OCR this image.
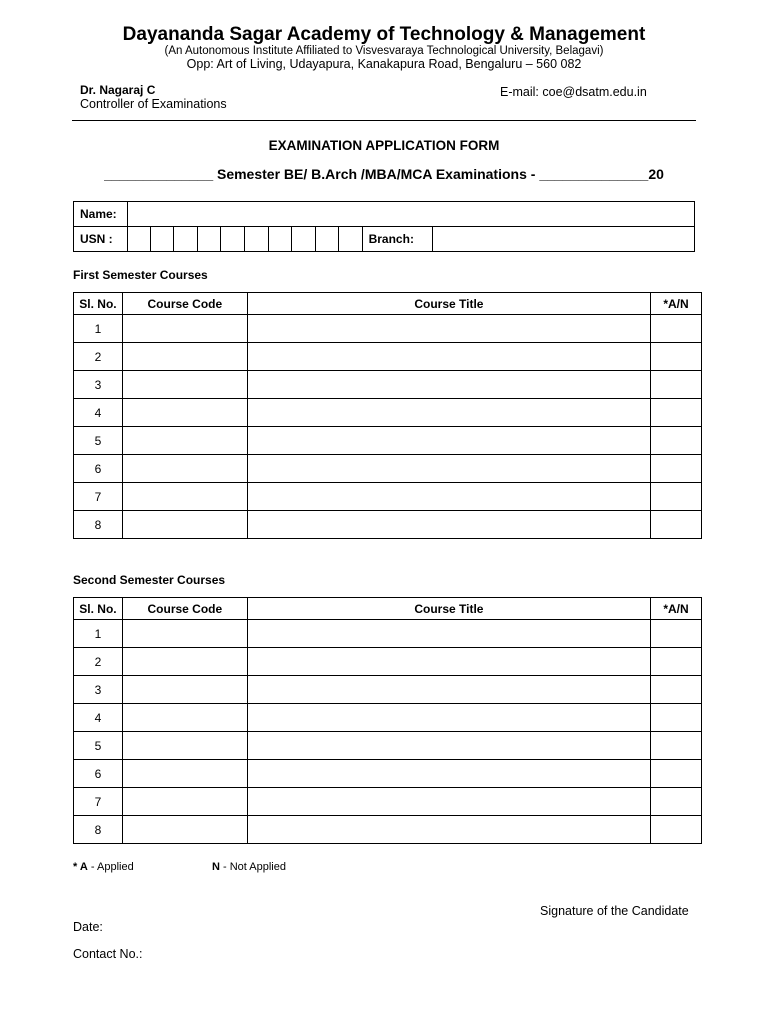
Dayananda Sagar Academy of Technology & Management
(An Autonomous Institute Affiliated to Visvesvaraya Technological University, Belagavi)
Opp: Art of Living, Udayapura, Kanakapura Road, Bengaluru – 560 082
Dr. Nagaraj C
Controller of Examinations
E-mail: coe@dsatm.edu.in
EXAMINATION APPLICATION FORM
______________ Semester BE/ B.Arch /MBA/MCA Examinations - ______________20
Name:												
USN :											Branch:	
First Semester Courses
Sl. No.	Course Code	Course Title	*A/N
1			
2			
3			
4			
5			
6			
7			
8			
Second Semester Courses
Sl. No.	Course Code	Course Title	*A/N
1			
2			
3			
4			
5			
6			
7			
8			
* A - Applied	N - Not Applied
Signature of the Candidate
Date:
Contact No.:
